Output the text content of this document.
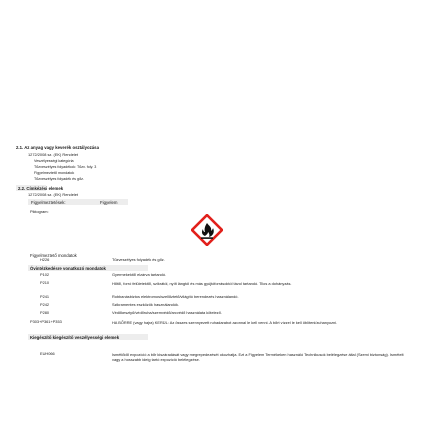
2.1. Az anyag vagy keverék osztályozása
1272/2008 sz. (EK) Rendelet
Veszélyességi kategória
Tűzveszélyes folyadékok: Tűzv. foly. 3
Figyelmeztető mondatok
Tűzveszélyes folyadék és gőz.
2.2. Címkézési elemek
1272/2008 sz. (EK) Rendelet
Figyelmeztetések:	Figyelem
Piktogram:
Figyelmeztető mondatok
H226	Tűzveszélyes folyadék és gőz.
Óvintézkedésre vonatkozó mondatok
P102	Gyermekektől elzárva tartandó.
P210	Hőtől, forró felületektől, szikrától, nyílt lángtól és más gyújtóforrásoktól távol tartandó. Tilos a dohányzás.
P241	Robbanásbiztos elektromos/szellőztető/világító berendezés használandó.
P242	Szikramentes eszközök használandók.
P280	Védőkesztyű/védőruha/szemvédő/arcvédő használata kötelező.
P303+P361+P353	HA BŐRRE (vagy hajra) KERÜL: Az összes szennyezett ruhadarabot azonnal le kell venni. A bőrt vízzel le kell öblíteni/zuhanyozni.
Kiegészítő kiegészítő veszélyességi elemek
EUH066	Ismétlődő expozíció a bőr kiszáradását vagy megrepedezését okozhatja. Ezt a Figyelem Termékeken használó Technikusok belélegzése által (Szemi biztonság). Ismételt vagy a hosszabb ideig tartó expozíció belélegzése.
